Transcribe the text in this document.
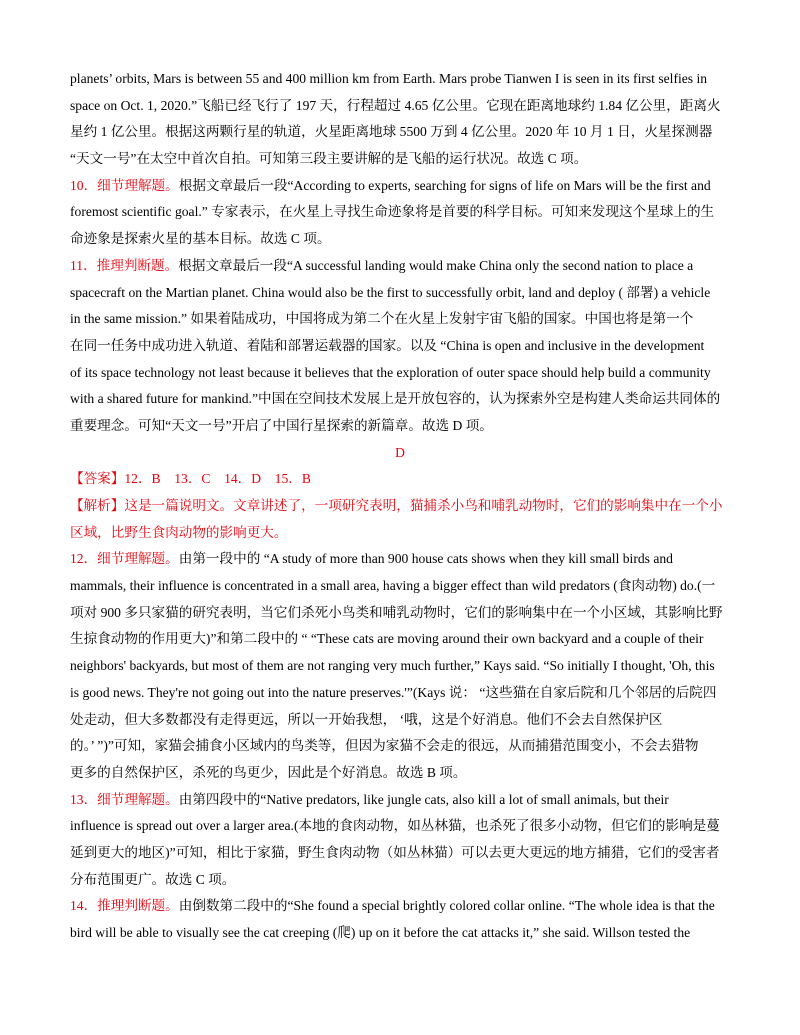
planets’ orbits, Mars is between 55 and 400 million km from Earth. Mars probe Tianwen I is seen in its first selfies in
space on Oct. 1, 2020.”飞船已经飞行了 197 天，行程超过 4.65 亿公里。它现在距离地球约 1.84 亿公里，距离火
星约 1 亿公里。根据这两颗行星的轨道，火星距离地球 5500 万到 4 亿公里。2020 年 10 月 1 日，火星探测器
“天文一号”在太空中首次自拍。可知第三段主要讲解的是飞船的运行状况。故选 C 项。
10．细节理解题。根据文章最后一段“According to experts, searching for signs of life on Mars will be the first and
foremost scientific goal.” 专家表示，在火星上寻找生命迹象将是首要的科学目标。可知来发现这个星球上的生
命迹象是探索火星的基本目标。故选 C 项。
11．推理判断题。根据文章最后一段“A successful landing would make China only the second nation to place a
spacecraft on the Martian planet. China would also be the first to successfully orbit, land and deploy ( 部署) a vehicle
in the same mission.” 如果着陆成功，中国将成为第二个在火星上发射宇宙飞船的国家。中国也将是第一个
在同一任务中成功进入轨道、着陆和部署运载器的国家。以及 “China is open and inclusive in the development
of its space technology not least because it believes that the exploration of outer space should help build a community
with a shared future for mankind.”中国在空间技术发展上是开放包容的，认为探索外空是构建人类命运共同体的
重要理念。可知“天文一号”开启了中国行星探索的新篇章。故选 D 项。
D
【答案】12．B　13．C　14．D　15．B
【解析】这是一篇说明文。文章讲述了，一项研究表明，猫捕杀小鸟和哺乳动物时，它们的影响集中在一个小
区域，比野生食肉动物的影响更大。
12．细节理解题。由第一段中的 “A study of more than 900 house cats shows when they kill small birds and
mammals, their influence is concentrated in a small area, having a bigger effect than wild predators (食肉动物) do.(一
项对 900 多只家猫的研究表明，当它们杀死小鸟类和哺乳动物时，它们的影响集中在一个小区域，其影响比野
生掠食动物的作用更大)”和第二段中的 “ “These cats are moving around their own backyard and a couple of their
neighbors' backyards, but most of them are not ranging very much further,” Kays said. “So initially I thought, 'Oh, this
is good news. They're not going out into the nature preserves.'”(Kays 说： “这些猫在自家后院和几个邻居的后院四
处走动，但大多数都没有走得更远，所以一开始我想， ‘哦，这是个好消息。他们不会去自然保护区
的。’ ”)”可知，家猫会捕食小区域内的鸟类等，但因为家猫不会走的很远，从而捕猎范围变小，不会去猎物
更多的自然保护区，杀死的鸟更少，因此是个好消息。故选 B 项。
13．细节理解题。由第四段中的“Native predators, like jungle cats, also kill a lot of small animals, but their
influence is spread out over a larger area.(本地的食肉动物，如丛林猫，也杀死了很多小动物，但它们的影响是蔓
延到更大的地区)”可知，相比于家猫，野生食肉动物（如丛林猫）可以去更大更远的地方捕猎，它们的受害者
分布范围更广。故选 C 项。
14．推理判断题。由倒数第二段中的“She found a special brightly colored collar online. “The whole idea is that the
bird will be able to visually see the cat creeping (爬) up on it before the cat attacks it,” she said. Willson tested the
